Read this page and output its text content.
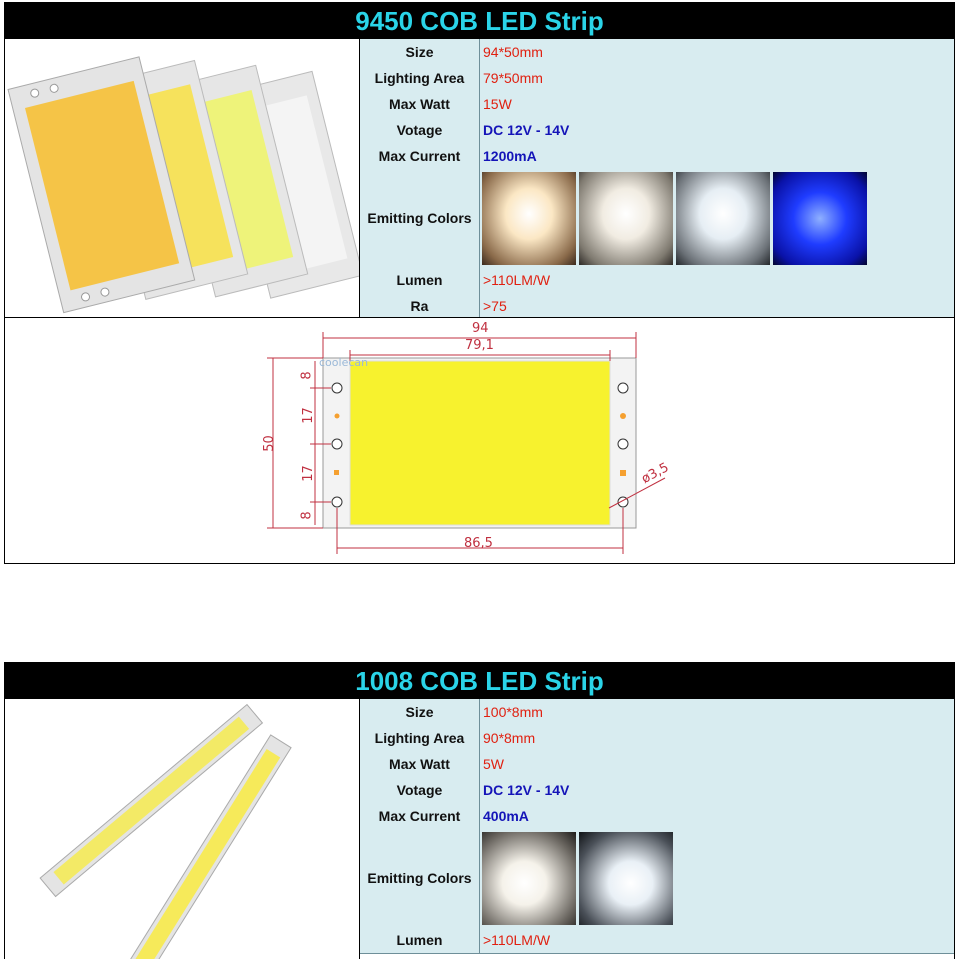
9450 COB LED Strip
Size	94*50mm
Lighting Area	79*50mm
Max Watt	15W
Votage	DC 12V - 14V
Max Current	1200mA
Emitting Colors
Lumen	>110LM/W
Ra	>75
94
79,1
50
8
17
17
8
86,5
ø3,5
coolecan
1008 COB LED Strip
Size	100*8mm
Lighting Area	90*8mm
Max Watt	5W
Votage	DC 12V - 14V
Max Current	400mA
Emitting Colors
Lumen	>110LM/W
